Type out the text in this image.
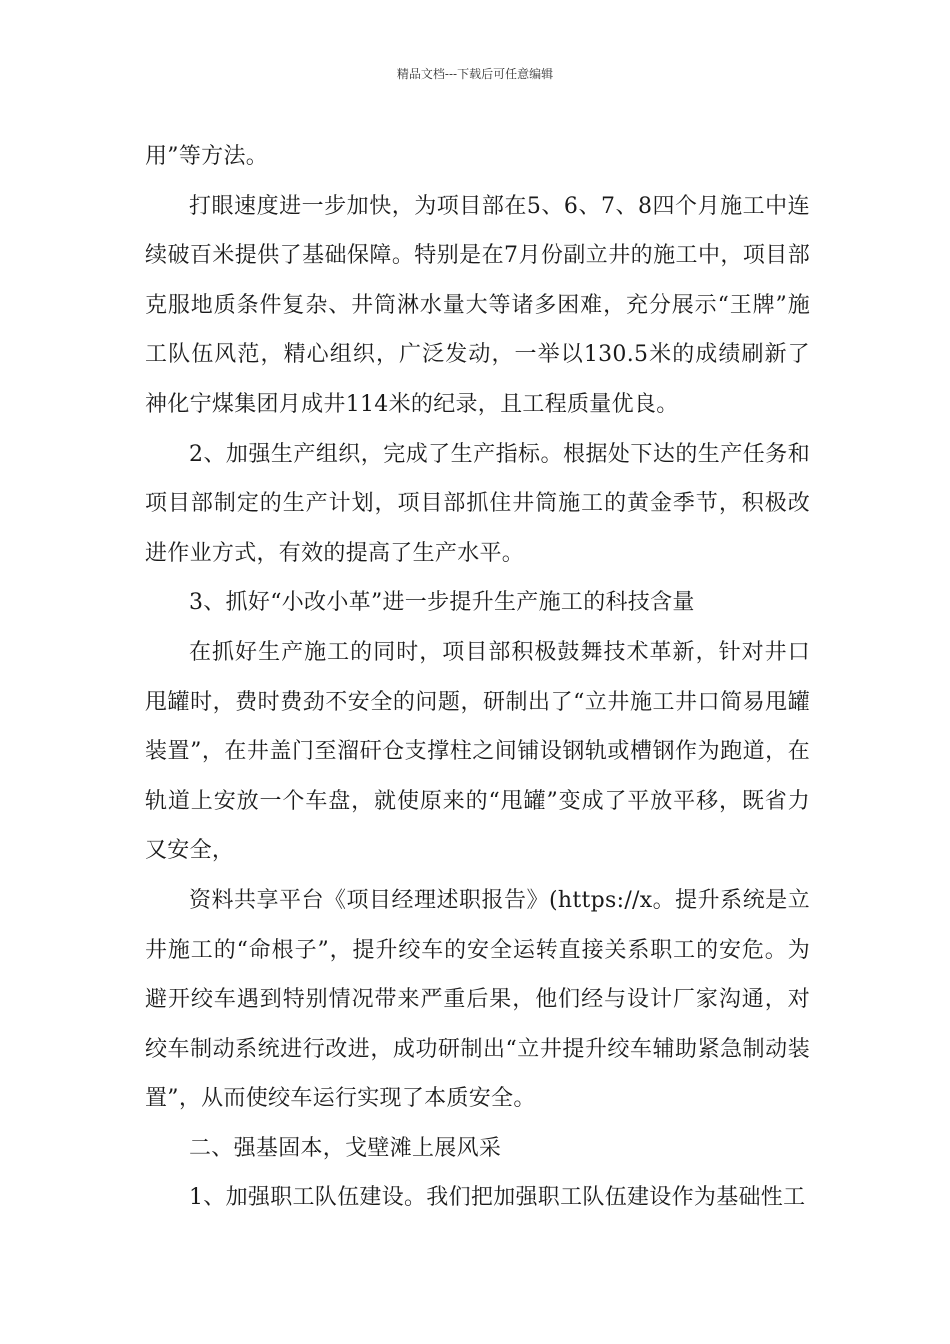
精品文档---下载后可任意编辑

用”等方法。

打眼速度进一步加快，为项目部在5、6、7、8四个月施工中连续破百米提供了基础保障。特别是在7月份副立井的施工中，项目部克服地质条件复杂、井筒淋水量大等诸多困难，充分展示“王牌”施工队伍风范，精心组织，广泛发动，一举以130.5米的成绩刷新了神化宁煤集团月成井114米的纪录，且工程质量优良。

2、加强生产组织，完成了生产指标。根据处下达的生产任务和项目部制定的生产计划，项目部抓住井筒施工的黄金季节，积极改进作业方式，有效的提高了生产水平。

3、抓好“小改小革”进一步提升生产施工的科技含量

在抓好生产施工的同时，项目部积极鼓舞技术革新，针对井口甩罐时，费时费劲不安全的问题，研制出了“立井施工井口简易甩罐装置”，在井盖门至溜矸仓支撑柱之间铺设钢轨或槽钢作为跑道，在轨道上安放一个车盘，就使原来的“甩罐”变成了平放平移，既省力又安全，

资料共享平台《项目经理述职报告》(https://x。提升系统是立井施工的“命根子”，提升绞车的安全运转直接关系职工的安危。为避开绞车遇到特别情况带来严重后果，他们经与设计厂家沟通，对绞车制动系统进行改进，成功研制出“立井提升绞车辅助紧急制动装置”，从而使绞车运行实现了本质安全。

二、强基固本，戈壁滩上展风采

1、加强职工队伍建设。我们把加强职工队伍建设作为基础性工
